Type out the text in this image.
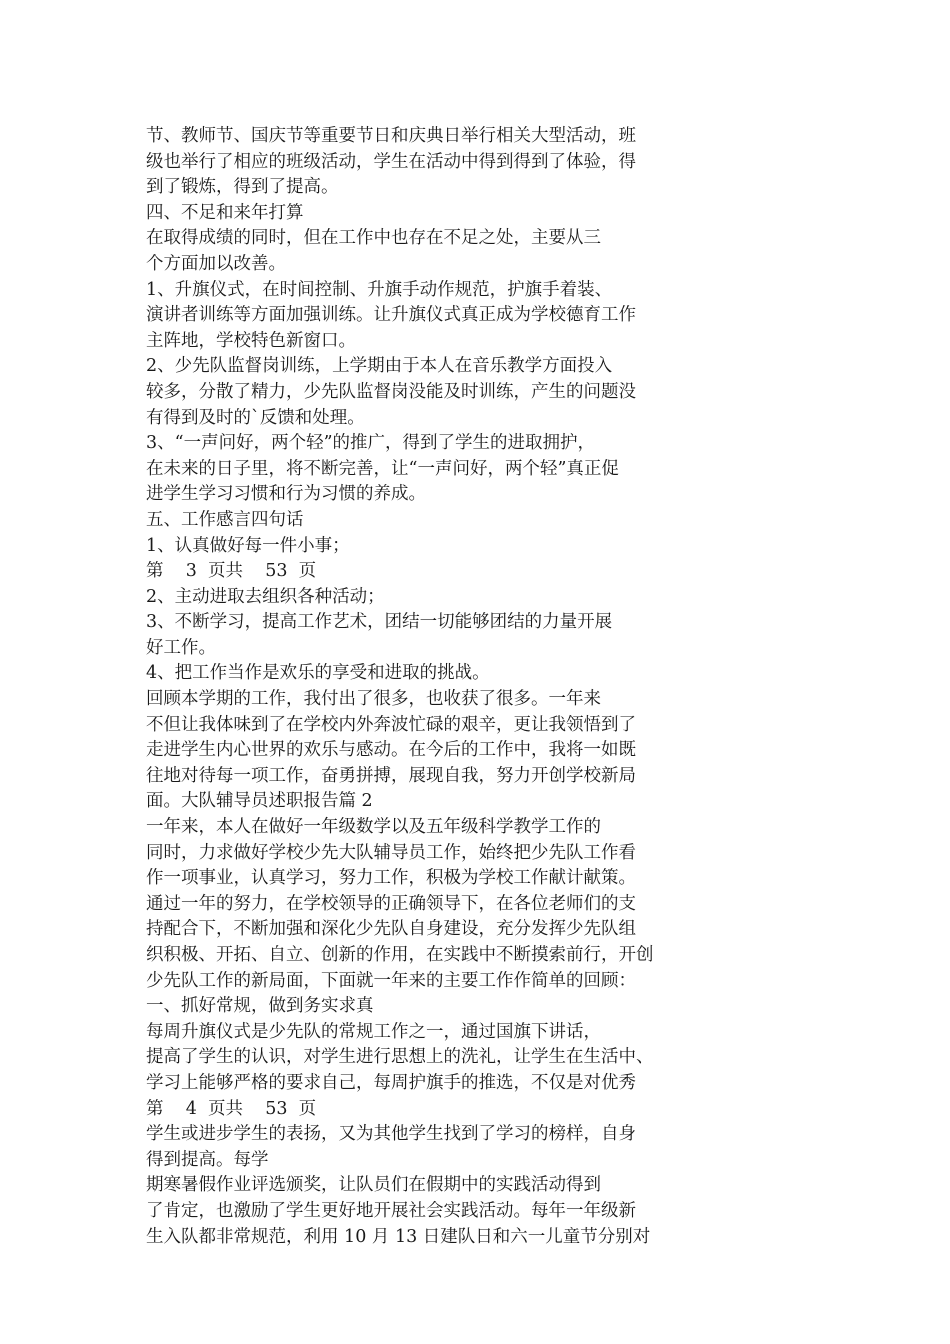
节、教师节、国庆节等重要节日和庆典日举行相关大型活动，班
级也举行了相应的班级活动，学生在活动中得到得到了体验，得
到了锻炼，得到了提高。
四、不足和来年打算
在取得成绩的同时，但在工作中也存在不足之处，主要从三
个方面加以改善。
1、升旗仪式，在时间控制、升旗手动作规范，护旗手着装、
演讲者训练等方面加强训练。让升旗仪式真正成为学校德育工作
主阵地，学校特色新窗口。
2、少先队监督岗训练，上学期由于本人在音乐教学方面投入
较多，分散了精力，少先队监督岗没能及时训练，产生的问题没
有得到及时的`反馈和处理。
3、“一声问好，两个轻”的推广，得到了学生的进取拥护，
在未来的日子里，将不断完善，让“一声问好，两个轻”真正促
进学生学习习惯和行为习惯的养成。
五、工作感言四句话
1、认真做好每一件小事；
第    3  页共    53  页
2、主动进取去组织各种活动；
3、不断学习，提高工作艺术，团结一切能够团结的力量开展
好工作。
4、把工作当作是欢乐的享受和进取的挑战。
回顾本学期的工作，我付出了很多，也收获了很多。一年来
不但让我体味到了在学校内外奔波忙碌的艰辛，更让我领悟到了
走进学生内心世界的欢乐与感动。在今后的工作中，我将一如既
往地对待每一项工作，奋勇拼搏，展现自我，努力开创学校新局
面。大队辅导员述职报告篇 2
一年来，本人在做好一年级数学以及五年级科学教学工作的
同时，力求做好学校少先大队辅导员工作，始终把少先队工作看
作一项事业，认真学习，努力工作，积极为学校工作献计献策。
通过一年的努力，在学校领导的正确领导下，在各位老师们的支
持配合下，不断加强和深化少先队自身建设，充分发挥少先队组
织积极、开拓、自立、创新的作用，在实践中不断摸索前行，开创
少先队工作的新局面，下面就一年来的主要工作作简单的回顾：
一、抓好常规，做到务实求真
每周升旗仪式是少先队的常规工作之一，通过国旗下讲话，
提高了学生的认识，对学生进行思想上的洗礼，让学生在生活中、
学习上能够严格的要求自己，每周护旗手的推选，不仅是对优秀
第    4  页共    53  页
学生或进步学生的表扬，又为其他学生找到了学习的榜样，自身
得到提高。每学
期寒暑假作业评选颁奖，让队员们在假期中的实践活动得到
了肯定，也激励了学生更好地开展社会实践活动。每年一年级新
生入队都非常规范，利用 10 月 13 日建队日和六一儿童节分别对
